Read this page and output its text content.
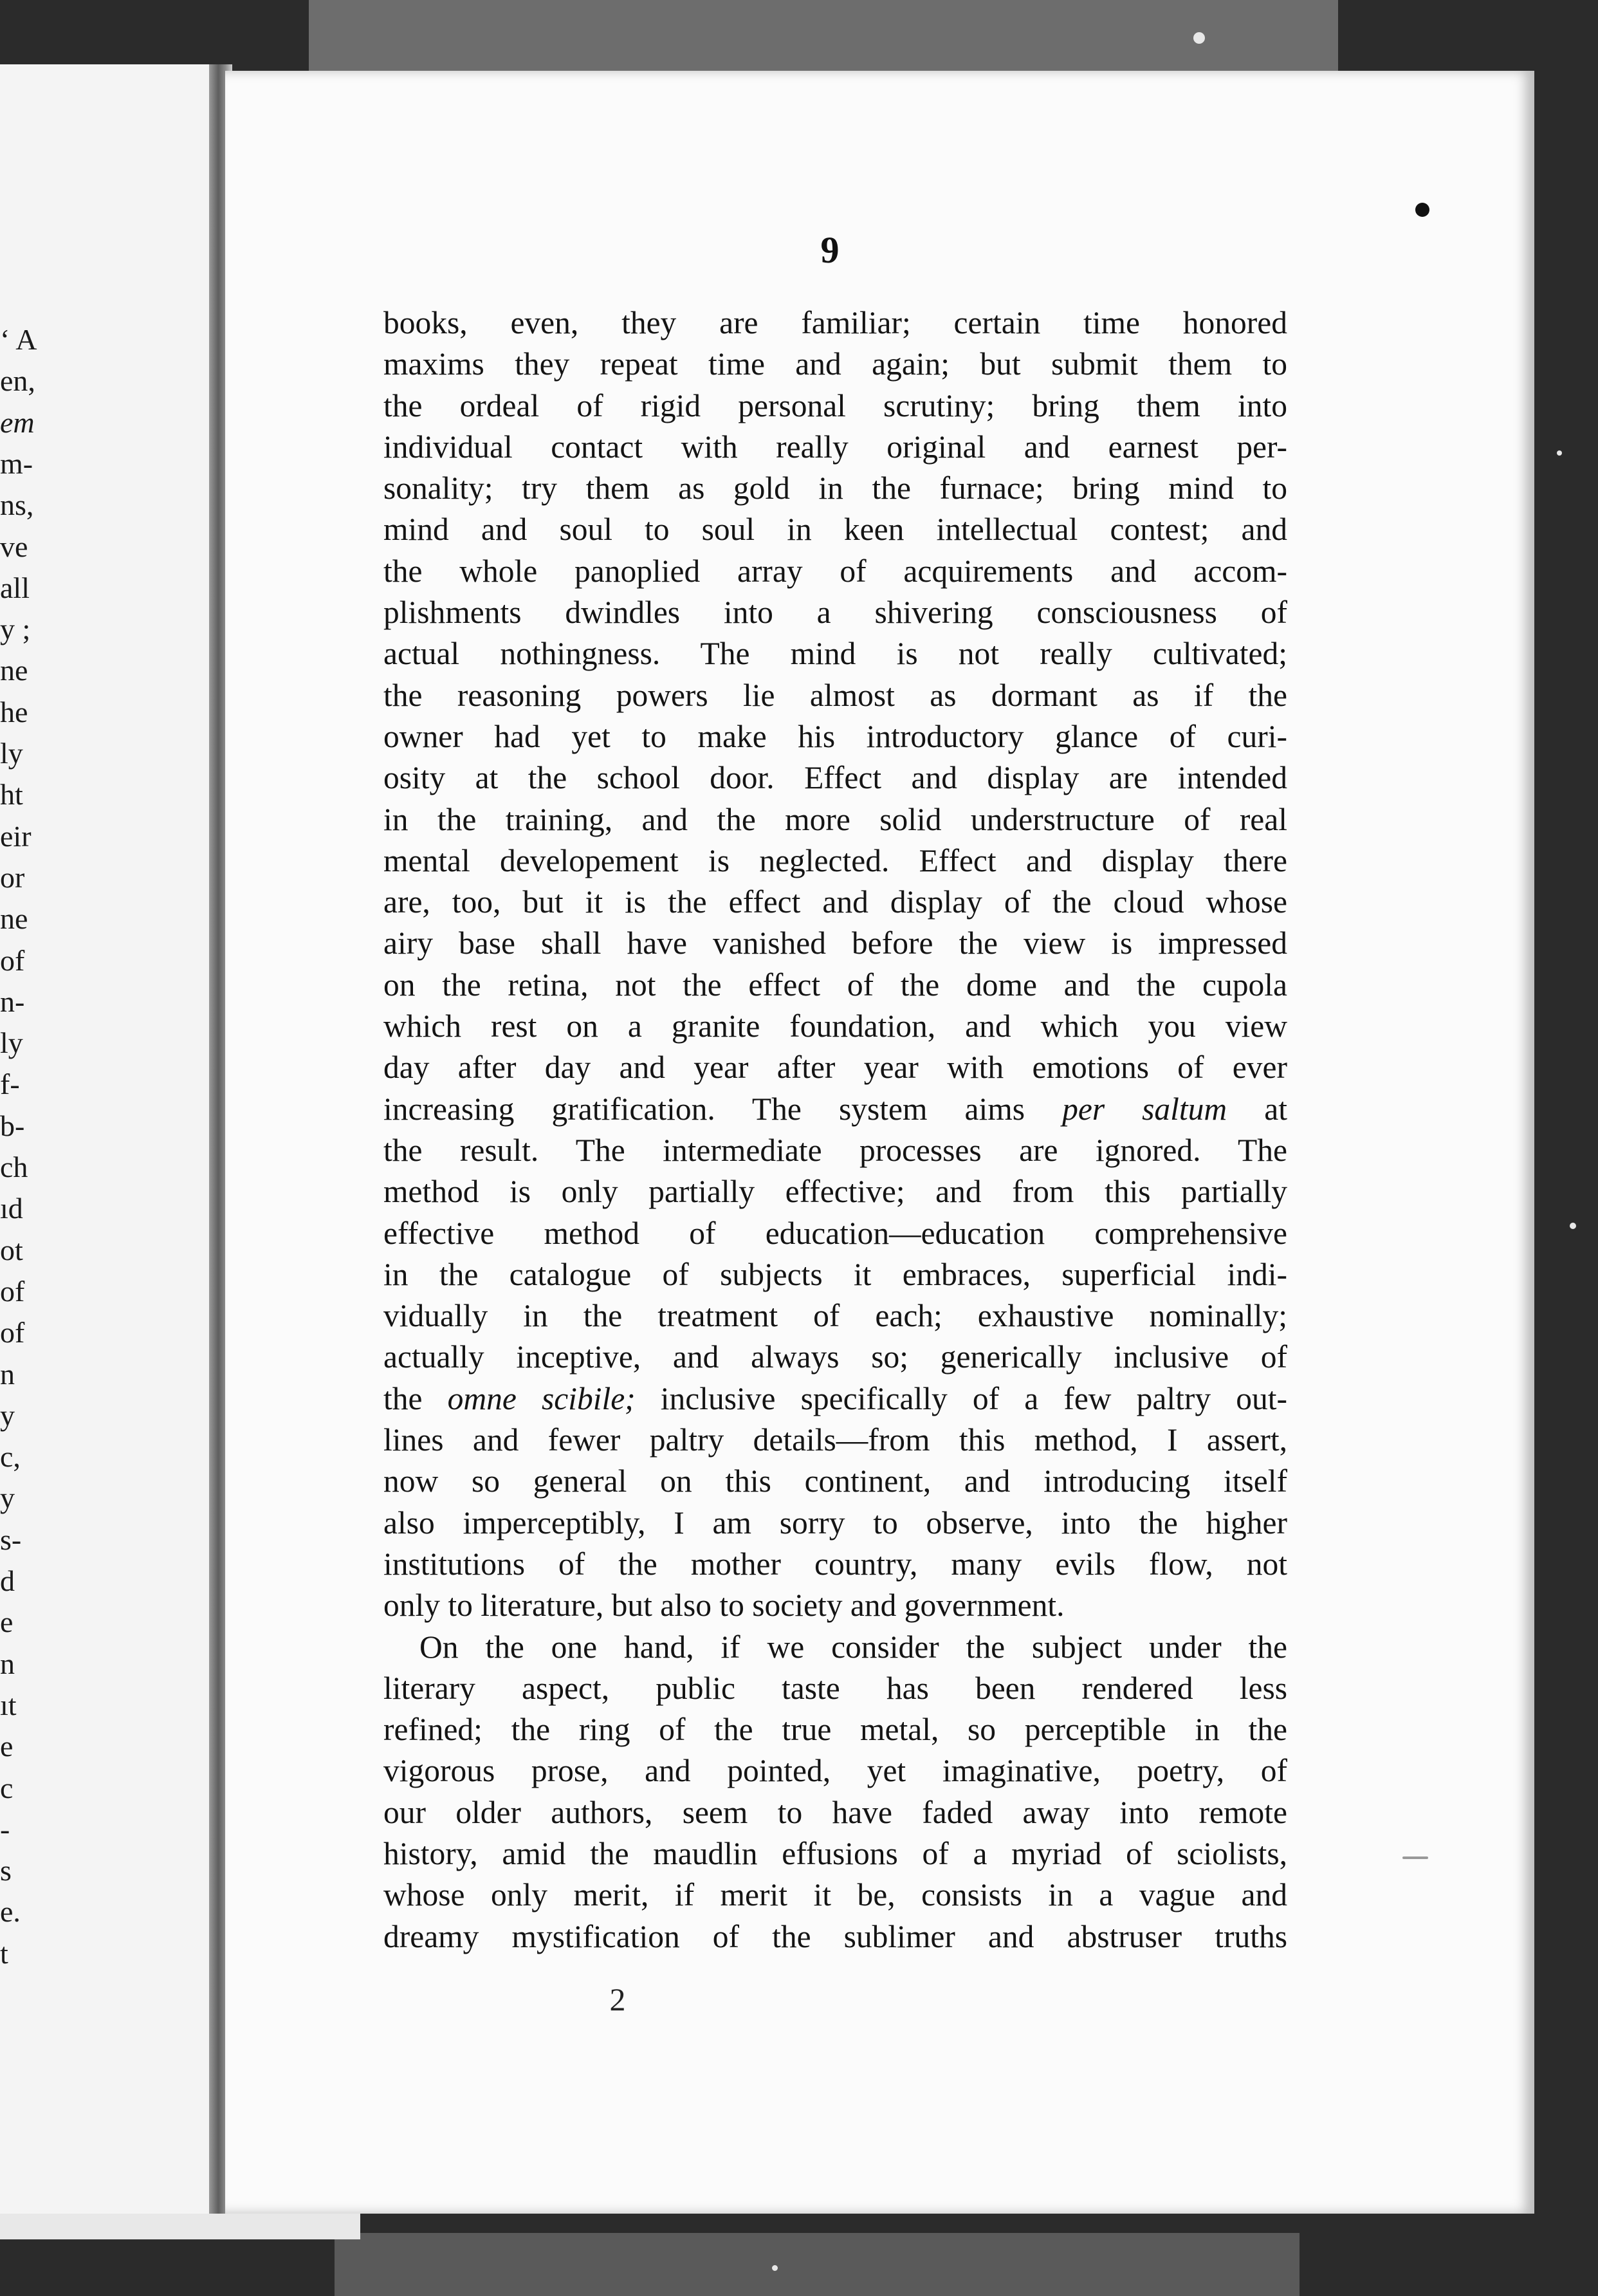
‘ A
en,
em
m-
ns,
ve
all
y ;
ne
he
ly
ht
eir
or
ne
of
n-
ly
f-
b-
ch
ıd
ot
of
of
n
y
c,
y
s-
d
e
n
ıt
e
c
-
s
e.
t
9
books, even, they are familiar; certain time honored
maxims they repeat time and again; but submit them to
the ordeal of rigid personal scrutiny; bring them into
individual contact with really original and earnest per-
sonality; try them as gold in the furnace; bring mind to
mind and soul to soul in keen intellectual contest; and
the whole panoplied array of acquirements and accom-
plishments dwindles into a shivering consciousness of
actual nothingness. The mind is not really cultivated;
the reasoning powers lie almost as dormant as if the
owner had yet to make his introductory glance of curi-
osity at the school door. Effect and display are intended
in the training, and the more solid understructure of real
mental developement is neglected. Effect and display there
are, too, but it is the effect and display of the cloud whose
airy base shall have vanished before the view is impressed
on the retina, not the effect of the dome and the cupola
which rest on a granite foundation, and which you view
day after day and year after year with emotions of ever
increasing gratification. The system aims per saltum at
the result. The intermediate processes are ignored. The
method is only partially effective; and from this partially
effective method of education—education comprehensive
in the catalogue of subjects it embraces, superficial indi-
vidually in the treatment of each; exhaustive nominally;
actually inceptive, and always so; generically inclusive of
the omne scibile; inclusive specifically of a few paltry out-
lines and fewer paltry details—from this method, I assert,
now so general on this continent, and introducing itself
also imperceptibly, I am sorry to observe, into the higher
institutions of the mother country, many evils flow, not
only to literature, but also to society and government.
On the one hand, if we consider the subject under the
literary aspect, public taste has been rendered less
refined; the ring of the true metal, so perceptible in the
vigorous prose, and pointed, yet imaginative, poetry, of
our older authors, seem to have faded away into remote
history, amid the maudlin effusions of a myriad of sciolists,
whose only merit, if merit it be, consists in a vague and
dreamy mystification of the sublimer and abstruser truths
2
